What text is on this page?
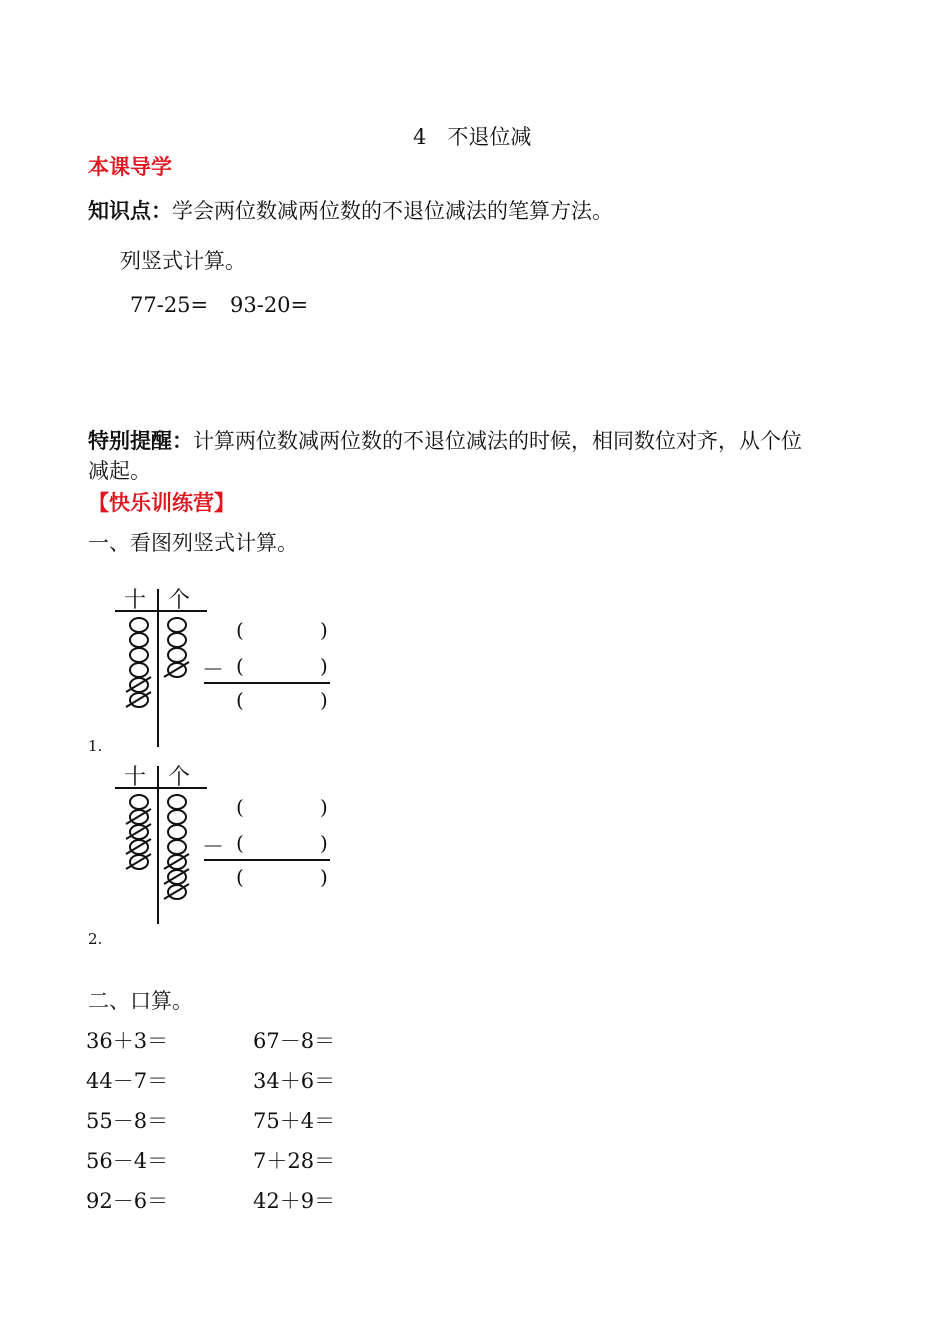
4　不退位减
本课导学
知识点：学会两位数减两位数的不退位减法的笔算方法。
列竖式计算。
77-25= 93-20=
特别提醒：计算两位数减两位数的不退位减法的时候，相同数位对齐，从个位
减起。
【快乐训练营】
一、看图列竖式计算。
十 个
(	)
(	)
(	)
－
1.
十 个
(	)
(	)
(	)
－
2.
二、口算。
36＋3＝	67－8＝
44－7＝	34＋6＝
55－8＝	75＋4＝
56－4＝	7＋28＝
92－6＝	42＋9＝
